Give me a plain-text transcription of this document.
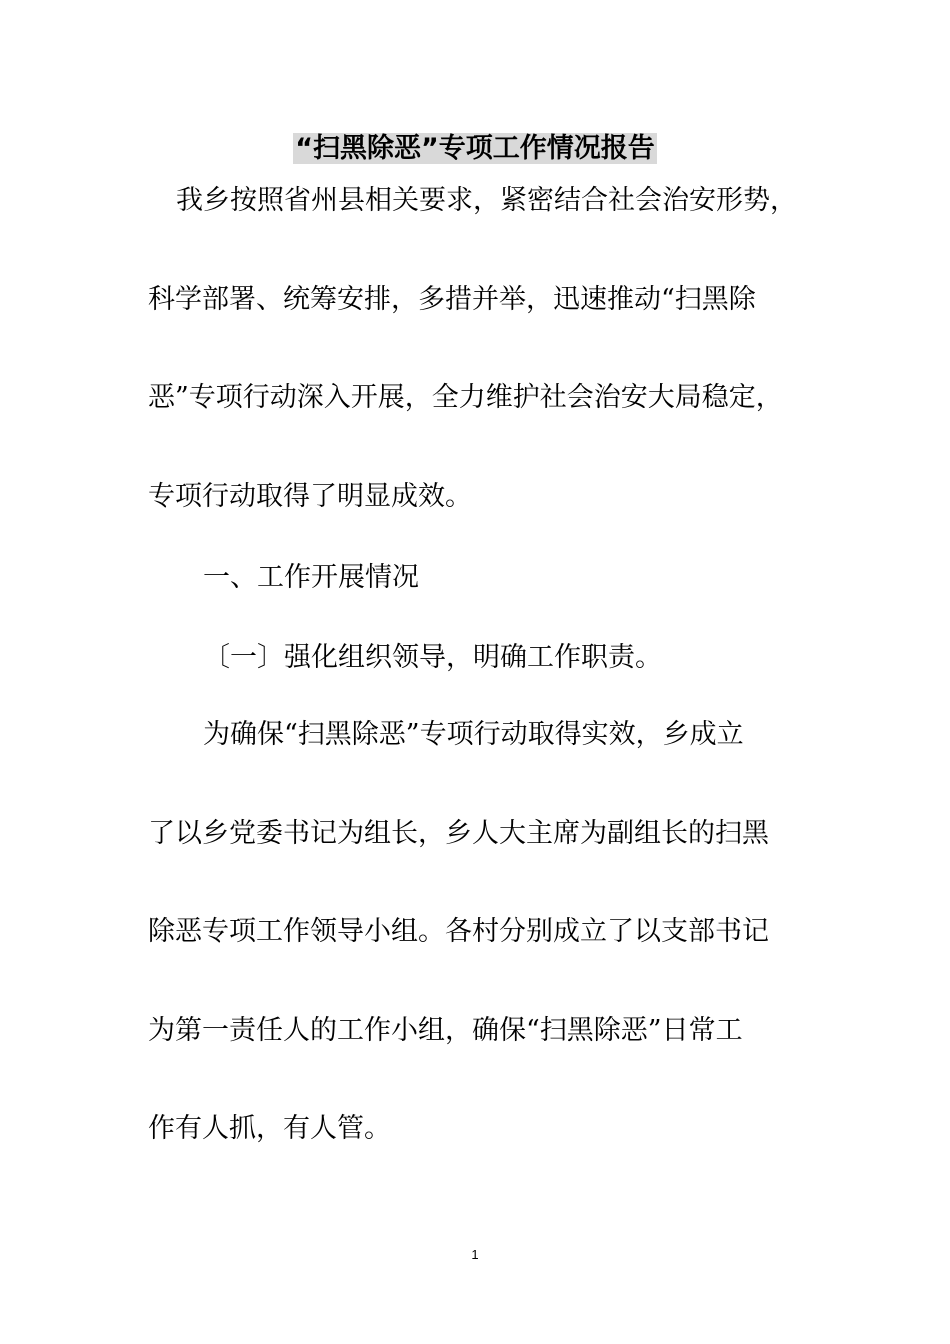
“扫黑除恶”专项工作情况报告
我乡按照省州县相关要求，紧密结合社会治安形势，
科学部署、统筹安排，多措并举，迅速推动“扫黑除
恶”专项行动深入开展，全力维护社会治安大局稳定，
专项行动取得了明显成效。
一、工作开展情况
〔一〕强化组织领导，明确工作职责。
为确保“扫黑除恶”专项行动取得实效，乡成立
了以乡党委书记为组长，乡人大主席为副组长的扫黑
除恶专项工作领导小组。各村分别成立了以支部书记
为第一责任人的工作小组，确保“扫黑除恶”日常工
作有人抓，有人管。
1
